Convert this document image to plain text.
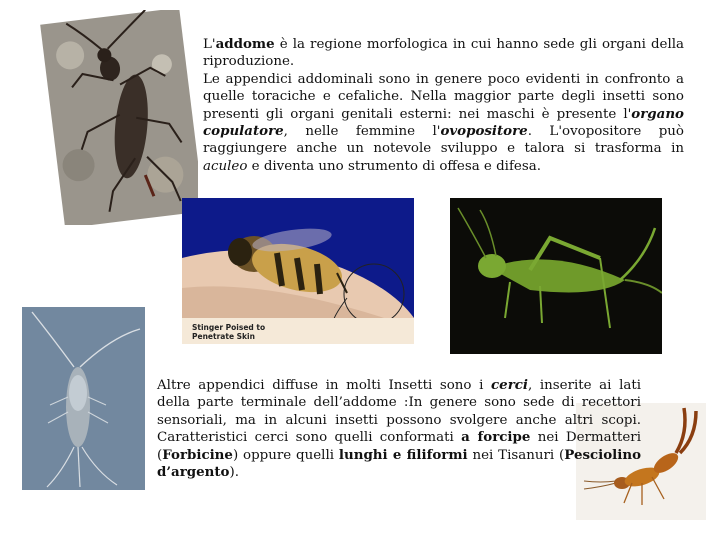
L'addome è la regione morfologica in cui hanno sede gli organi della riproduzione.

Le appendici addominali sono in genere poco evidenti in confronto a quelle toraciche e cefaliche. Nella maggior parte degli insetti sono presenti gli organi genitali esterni: nei maschi è presente l'organo copulatore, nelle femmine l'ovopositore. L'ovopositore può raggiungere anche un notevole sviluppo e talora si trasforma in aculeo e diventa uno strumento di offesa e difesa.

Stinger Poised to
Penetrate Skin

Altre appendici diffuse in molti Insetti sono i cerci, inserite ai lati della parte terminale dell’addome :In genere sono sede di recettori sensoriali, ma in alcuni insetti possono svolgere anche altri scopi. Caratteristici cerci sono quelli conformati a forcipe nei Dermatteri (Forbicine) oppure quelli lunghi e filiformi nei Tisanuri (Pesciolino d’argento).
